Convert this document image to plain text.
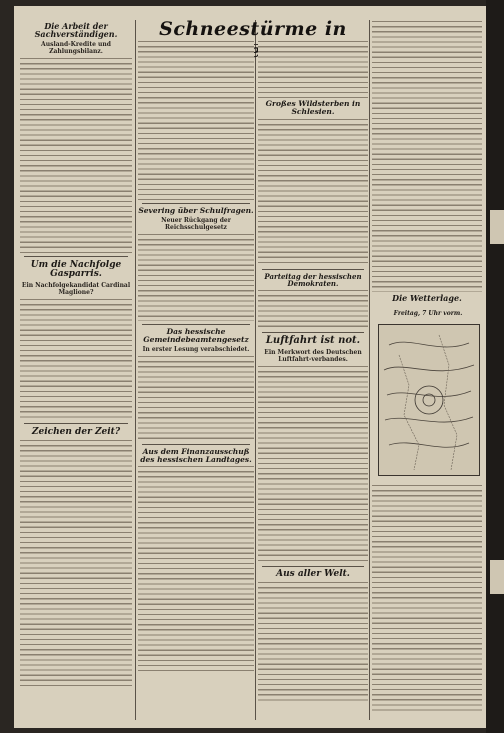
Schneestürme in
Die Arbeit der Sachverständigen.
Ausland-Kredite und Zahlungsbilanz.
Um die Nachfolge Gasparris.
Ein Nachfolgekandidat Cardinal Maglione?
Zeichen der Zeit?
Severing über Schulfragen.
Neuer Rückgang der Reichsschulgesetz
Das hessische Gemeindebeamtengesetz
In erster Lesung verabschiedet.
Aus dem Finanzausschuß des hessischen Landtages.
Großes Wildsterben in Schlesien.
Parteitag der hessischen Demokraten.
Luftfahrt ist not.
Ein Merkwort des Deutschen Luftfahrt-verbandes.
Aus aller Welt.
Die Wetterlage.
Freitag, 7 Uhr vorm.
